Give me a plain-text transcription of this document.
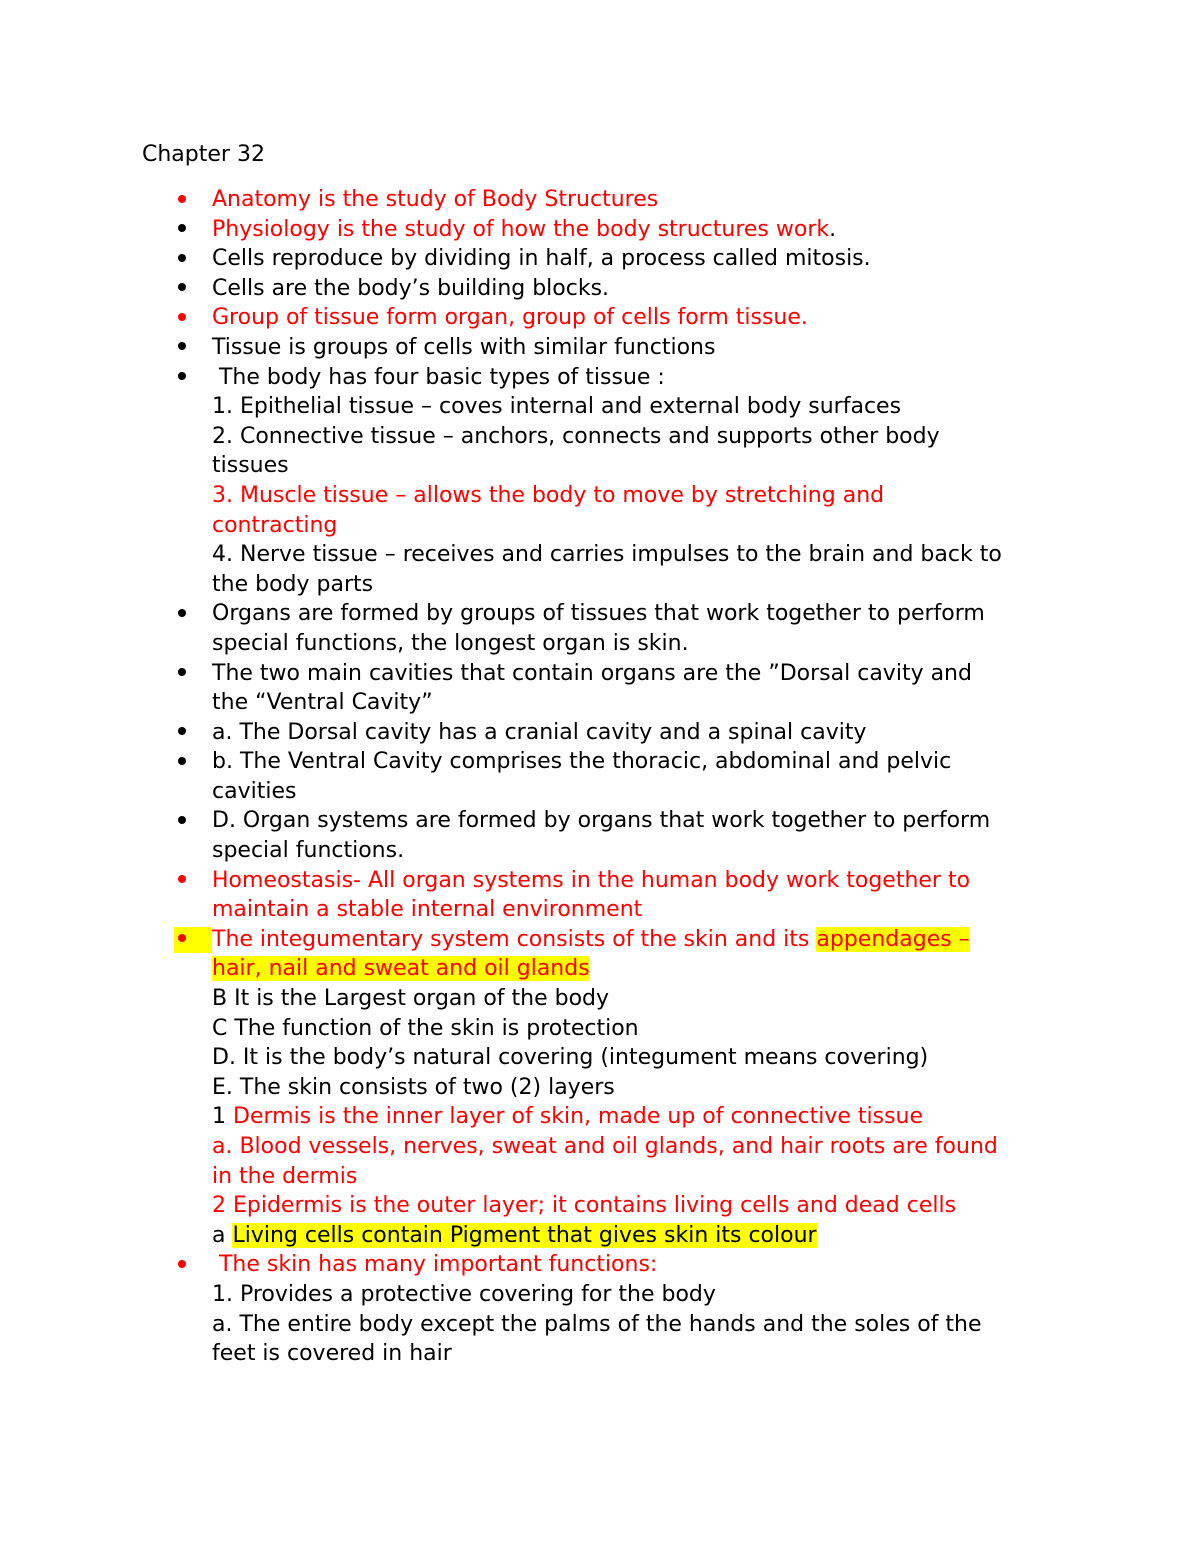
Chapter 32
Anatomy is the study of Body Structures
Physiology is the study of how the body structures work.
Cells reproduce by dividing in half, a process called mitosis.
Cells are the body’s building blocks.
Group of tissue form organ, group of cells form tissue.
Tissue is groups of cells with similar functions
The body has four basic types of tissue :
1. Epithelial tissue – coves internal and external body surfaces
2. Connective tissue – anchors, connects and supports other body
tissues
3. Muscle tissue – allows the body to move by stretching and
contracting
4. Nerve tissue – receives and carries impulses to the brain and back to
the body parts
Organs are formed by groups of tissues that work together to perform
special functions, the longest organ is skin.
The two main cavities that contain organs are the ”Dorsal cavity and
the “Ventral Cavity”
a. The Dorsal cavity has a cranial cavity and a spinal cavity
b. The Ventral Cavity comprises the thoracic, abdominal and pelvic
cavities
D. Organ systems are formed by organs that work together to perform
special functions.
Homeostasis- All organ systems in the human body work together to
maintain a stable internal environment
The integumentary system consists of the skin and its appendages –
hair, nail and sweat and oil glands
B It is the Largest organ of the body
C The function of the skin is protection
D. It is the body’s natural covering (integument means covering)
E. The skin consists of two (2) layers
1 Dermis is the inner layer of skin, made up of connective tissue
a. Blood vessels, nerves, sweat and oil glands, and hair roots are found
in the dermis
2 Epidermis is the outer layer; it contains living cells and dead cells
a Living cells contain Pigment that gives skin its colour
The skin has many important functions:
1. Provides a protective covering for the body
a. The entire body except the palms of the hands and the soles of the
feet is covered in hair
